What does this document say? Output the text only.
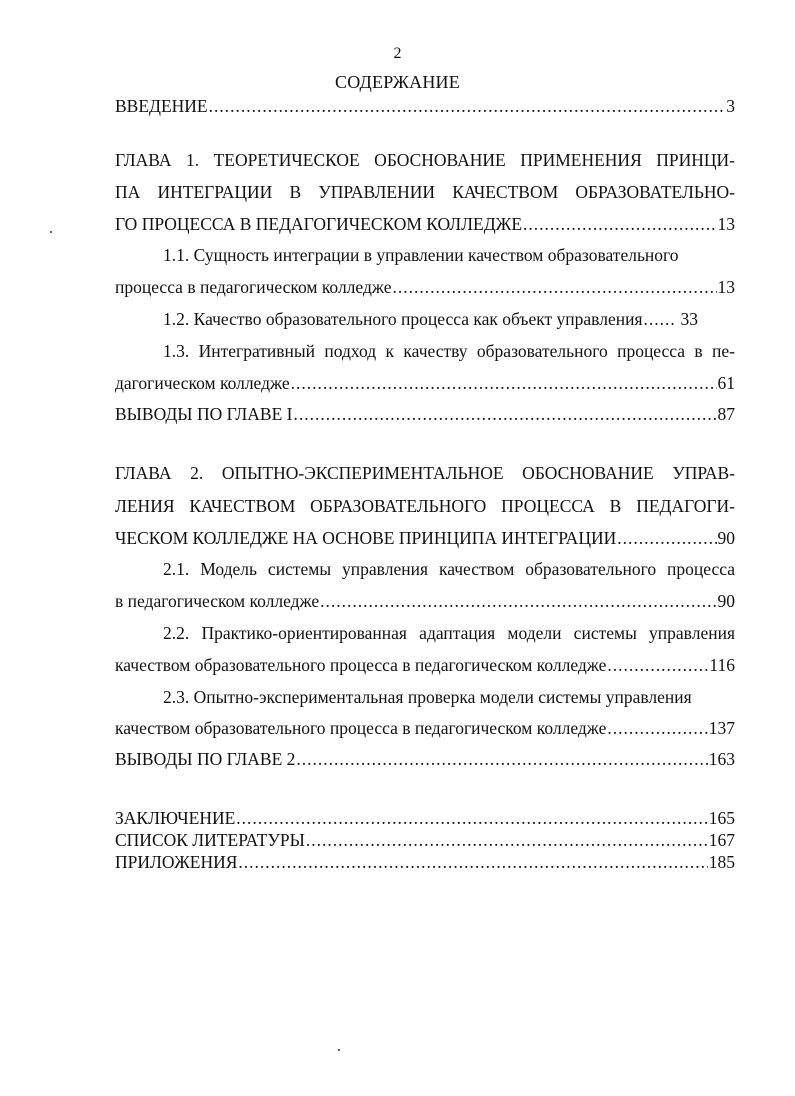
2
СОДЕРЖАНИЕ
ВВЕДЕНИЕ .....	3
ГЛАВА 1. ТЕОРЕТИЧЕСКОЕ ОБОСНОВАНИЕ ПРИМЕНЕНИЯ ПРИНЦИ-
ПА ИНТЕГРАЦИИ В УПРАВЛЕНИИ КАЧЕСТВОМ ОБРАЗОВАТЕЛЬНО-
ГО ПРОЦЕССА В ПЕДАГОГИЧЕСКОМ КОЛЛЕДЖЕ .....	13
1.1. Сущность интеграции в управлении качеством образовательного
процесса в педагогическом колледже .....	13
1.2. Качество образовательного процесса как объект управления ..... 33
1.3. Интегративный подход к качеству образовательного процесса в пе-
дагогическом колледже .....	61
ВЫВОДЫ ПО ГЛАВЕ I .....	87
ГЛАВА 2. ОПЫТНО-ЭКСПЕРИМЕНТАЛЬНОЕ ОБОСНОВАНИЕ УПРАВ-
ЛЕНИЯ КАЧЕСТВОМ ОБРАЗОВАТЕЛЬНОГО ПРОЦЕССА В ПЕДАГОГИ-
ЧЕСКОМ КОЛЛЕДЖЕ НА ОСНОВЕ ПРИНЦИПА ИНТЕГРАЦИИ .....	90
2.1. Модель системы управления качеством образовательного процесса
в педагогическом колледже .....	90
2.2. Практико-ориентированная адаптация модели системы управления
качеством образовательного процесса в педагогическом колледже .....	116
2.3. Опытно-экспериментальная проверка модели системы управления
качеством образовательного процесса в педагогическом колледже .....	137
ВЫВОДЫ ПО ГЛАВЕ 2 .....	163
ЗАКЛЮЧЕНИЕ .....	165
СПИСОК ЛИТЕРАТУРЫ .....	167
ПРИЛОЖЕНИЯ .....	185
